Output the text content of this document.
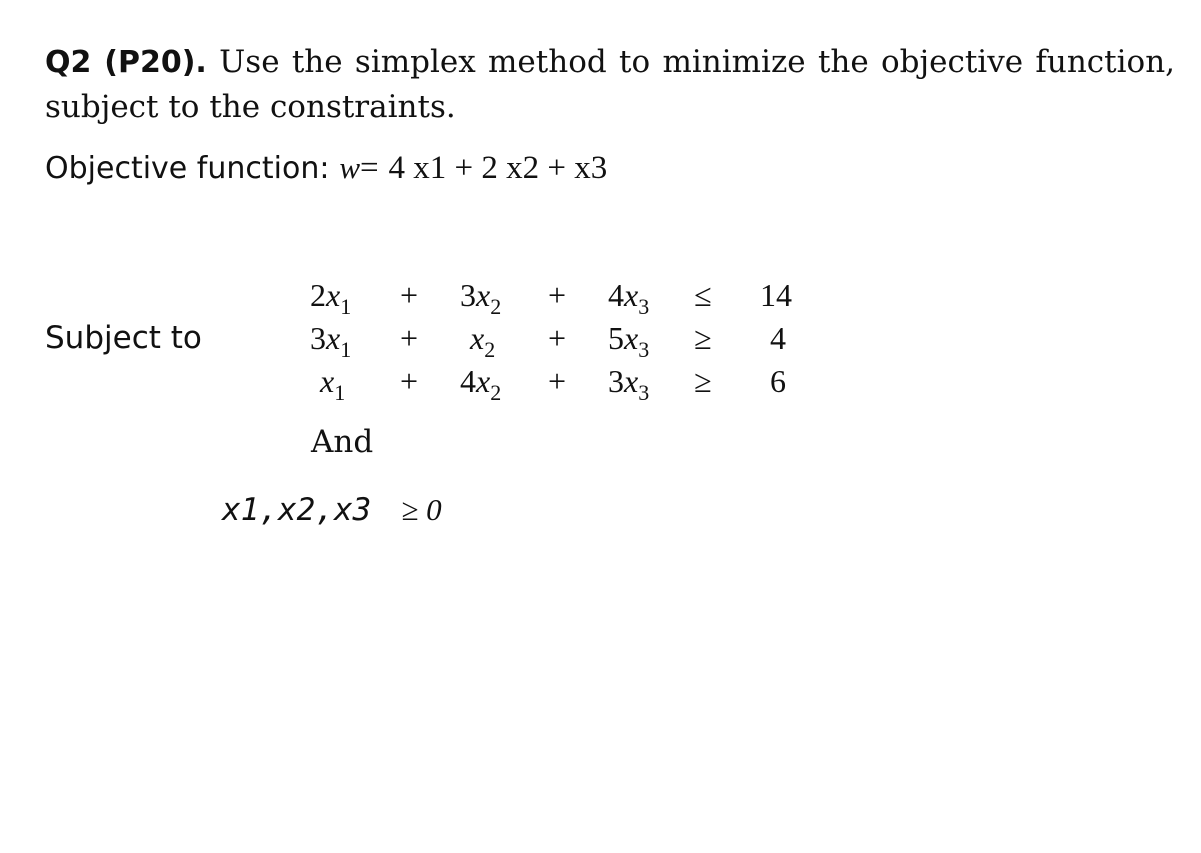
Q2 (P20). Use the simplex method to minimize the objective function, subject to the constraints.
Objective function: w= 4 x1 + 2 x2 + x3
Subject to
$2x_1 + 3x_2 + 4x_3 \le 14$
$3x_1 + x_2 + 5x_3 \ge 4$
$x_1 + 4x_2 + 3x_3 \ge 6$
And
x1,x2,x3 ≥ 0
